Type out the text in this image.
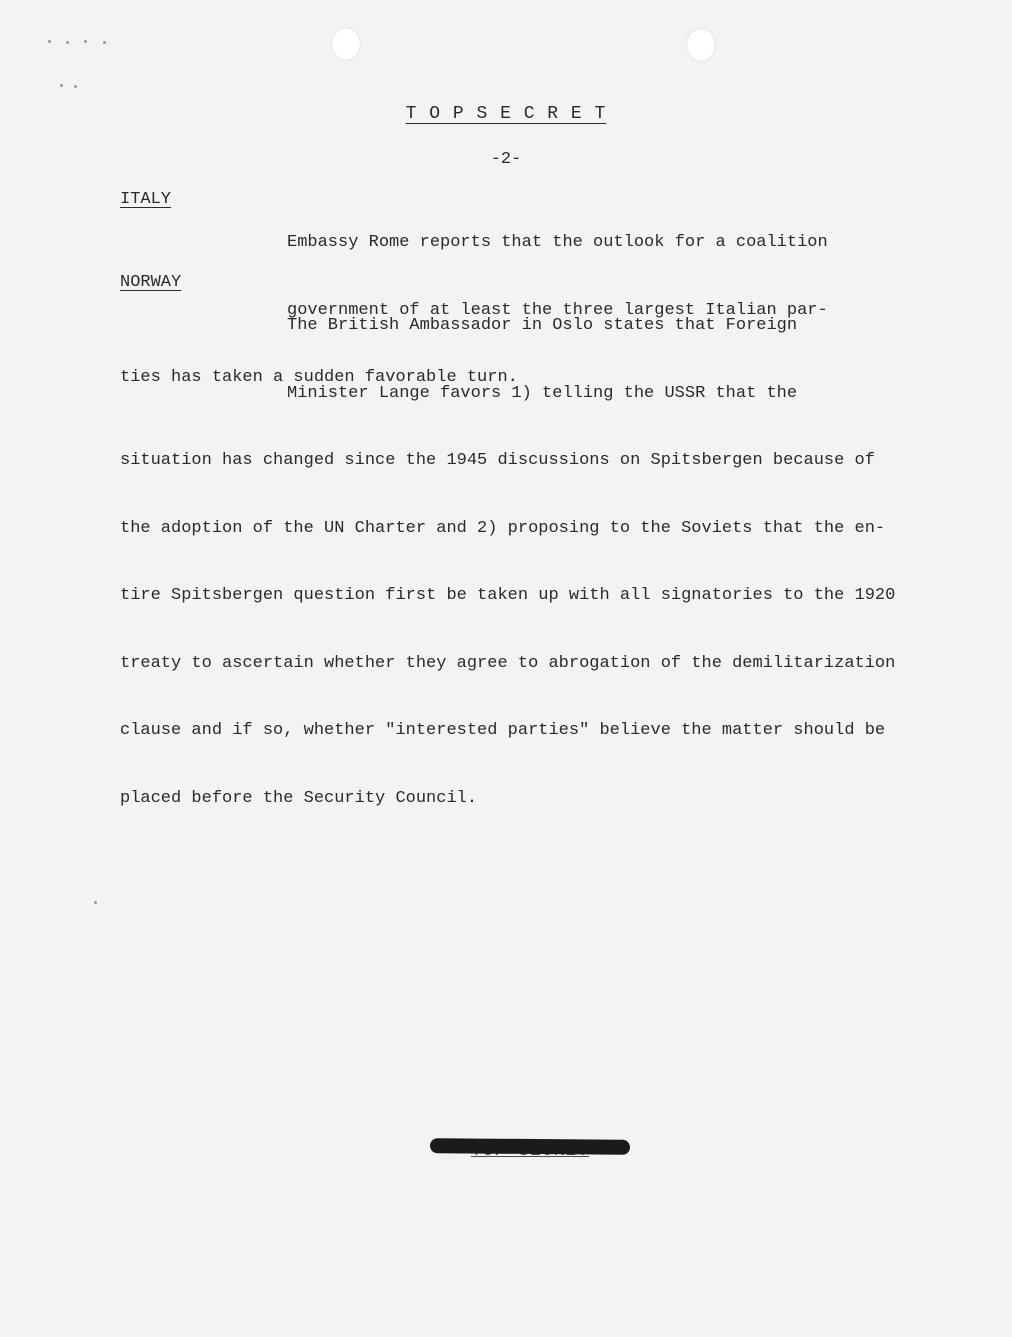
T O P S E C R E T
-2-
ITALY

Embassy Rome reports that the outlook for a coalition

government of at least the three largest Italian par-

ties has taken a sudden favorable turn.

NORWAY

The British Ambassador in Oslo states that Foreign

Minister Lange favors 1) telling the USSR that the

situation has changed since the 1945 discussions on Spitsbergen because of

the adoption of the UN Charter and 2) proposing to the Soviets that the en-

tire Spitsbergen question first be taken up with all signatories to the 1920

treaty to ascertain whether they agree to abrogation of the demilitarization

clause and if so, whether "interested parties" believe the matter should be

placed before the Security Council.
